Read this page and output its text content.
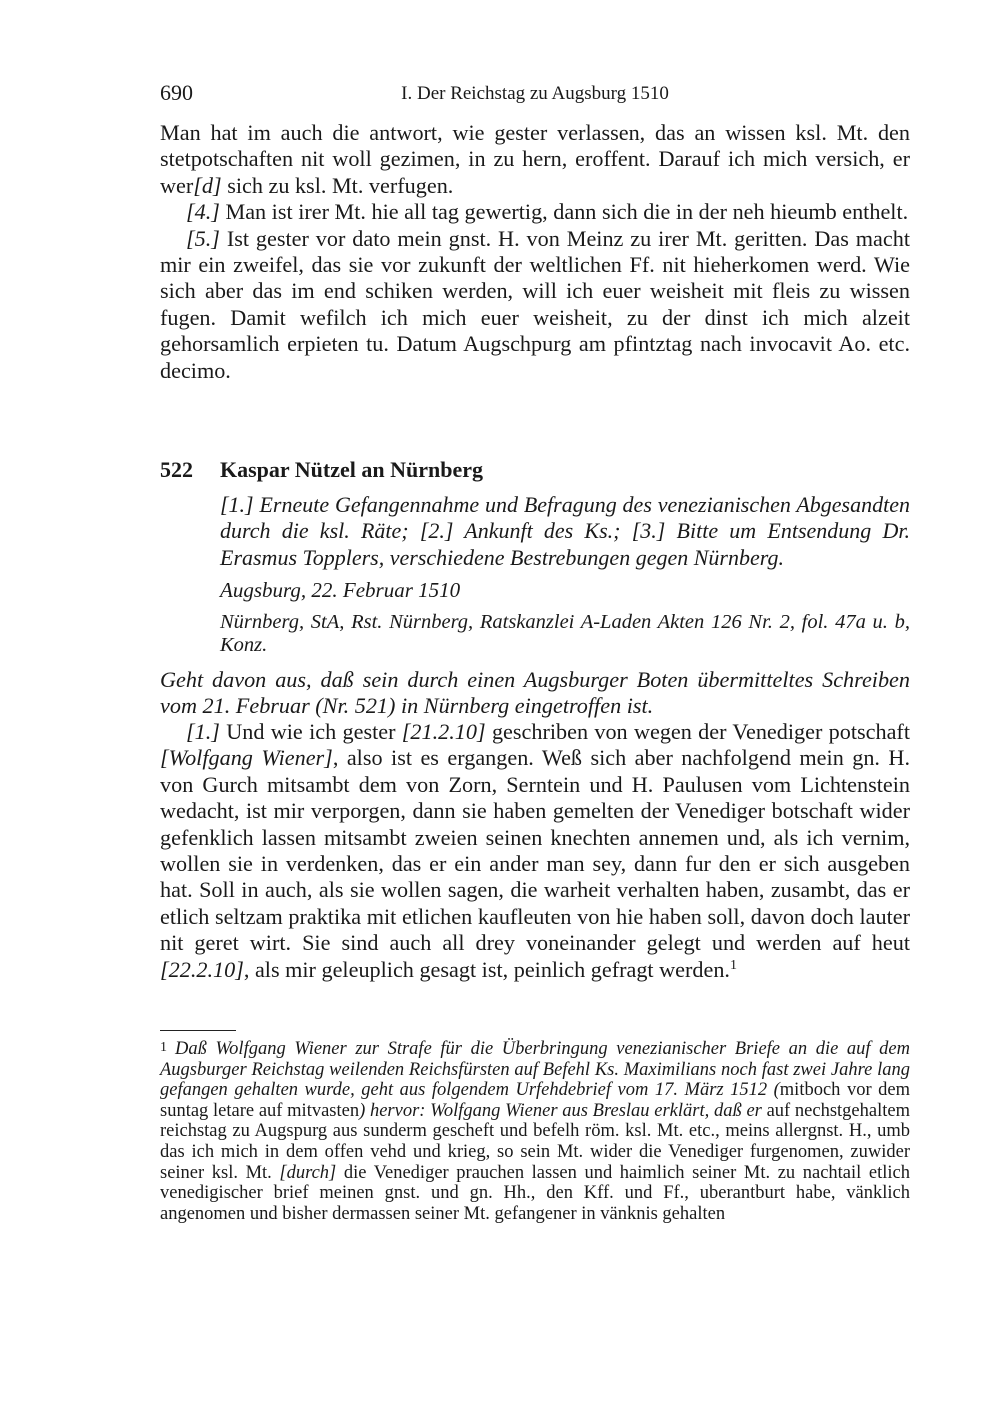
690	I. Der Reichstag zu Augsburg 1510

Man hat im auch die antwort, wie gester verlassen, das an wissen ksl. Mt. den stetpotschaften nit woll gezimen, in zu hern, eroffent. Darauf ich mich versich, er wer[d] sich zu ksl. Mt. verfugen.

[4.] Man ist irer Mt. hie all tag gewertig, dann sich die in der neh hieumb enthelt.

[5.] Ist gester vor dato mein gnst. H. von Meinz zu irer Mt. geritten. Das macht mir ein zweifel, das sie vor zukunft der weltlichen Ff. nit hieherkomen werd. Wie sich aber das im end schiken werden, will ich euer weisheit mit fleis zu wissen fugen. Damit wefilch ich mich euer weisheit, zu der dinst ich mich alzeit gehorsamlich erpieten tu. Datum Augschpurg am pfintztag nach invocavit Ao. etc. decimo.

522 Kaspar Nützel an Nürnberg

[1.] Erneute Gefangennahme und Befragung des venezianischen Abgesandten durch die ksl. Räte; [2.] Ankunft des Ks.; [3.] Bitte um Entsendung Dr. Erasmus Topplers, verschiedene Bestrebungen gegen Nürnberg.

Augsburg, 22. Februar 1510

Nürnberg, StA, Rst. Nürnberg, Ratskanzlei A-Laden Akten 126 Nr. 2, fol. 47a u. b, Konz.

Geht davon aus, daß sein durch einen Augsburger Boten übermitteltes Schreiben vom 21. Februar (Nr. 521) in Nürnberg eingetroffen ist.

[1.] Und wie ich gester [21.2.10] geschriben von wegen der Venediger potschaft [Wolfgang Wiener], also ist es ergangen. Weß sich aber nachfolgend mein gn. H. von Gurch mitsambt dem von Zorn, Serntein und H. Paulusen vom Lichtenstein wedacht, ist mir verporgen, dann sie haben gemelten der Venediger botschaft wider gefenklich lassen mitsambt zweien seinen knechten annemen und, als ich vernim, wollen sie in verdenken, das er ein ander man sey, dann fur den er sich ausgeben hat. Soll in auch, als sie wollen sagen, die warheit verhalten haben, zusambt, das er etlich seltzam praktika mit etlichen kaufleuten von hie haben soll, davon doch lauter nit geret wirt. Sie sind auch all drey voneinander gelegt und werden auf heut [22.2.10], als mir geleuplich gesagt ist, peinlich gefragt werden.$^1$

1 Daß Wolfgang Wiener zur Strafe für die Überbringung venezianischer Briefe an die auf dem Augsburger Reichstag weilenden Reichsfürsten auf Befehl Ks. Maximilians noch fast zwei Jahre lang gefangen gehalten wurde, geht aus folgendem Urfehdebrief vom 17. März 1512 (mitboch vor dem suntag letare auf mitvasten) hervor: Wolfgang Wiener aus Breslau erklärt, daß er auf nechstgehaltem reichstag zu Augspurg aus sunderm gescheft und befelh röm. ksl. Mt. etc., meins allergnst. H., umb das ich mich in dem offen vehd und krieg, so sein Mt. wider die Venediger furgenomen, zuwider seiner ksl. Mt. [durch] die Venediger prauchen lassen und haimlich seiner Mt. zu nachtail etlich venedigischer brief meinen gnst. und gn. Hh., den Kff. und Ff., uberantburt habe, vänklich angenomen und bisher dermassen seiner Mt. gefangener in vänknis gehalten
